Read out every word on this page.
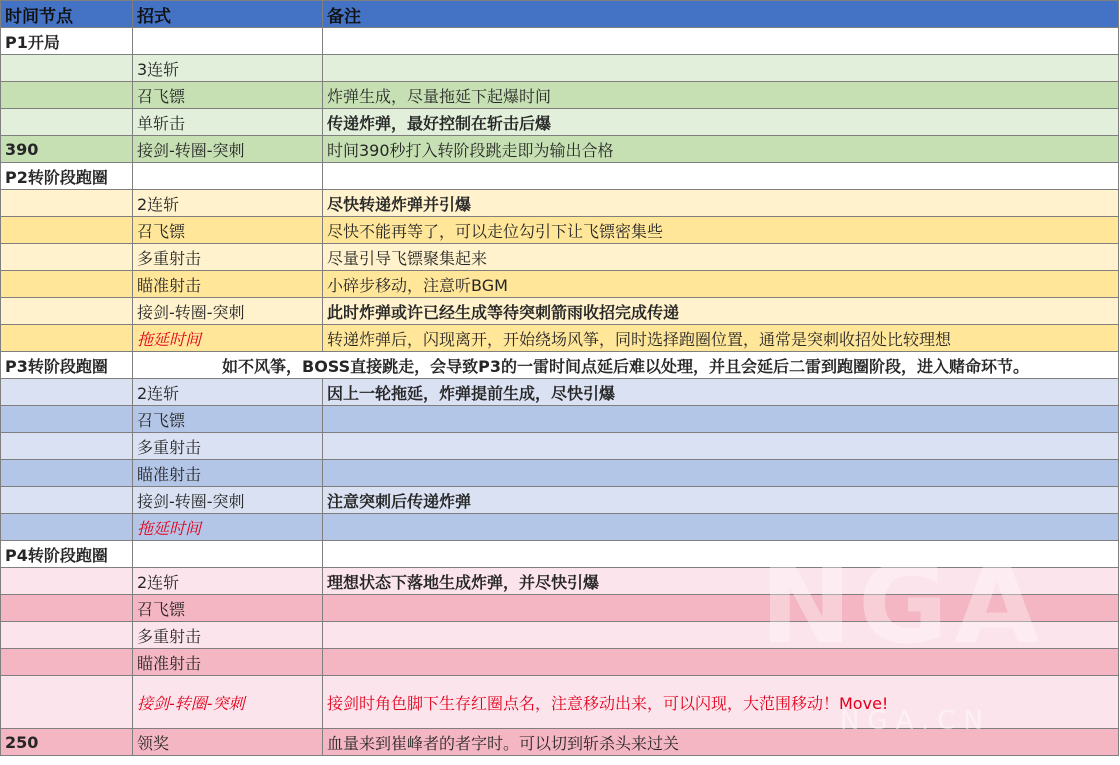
时间节点	招式	备注
P1开局		
	3连斩	
	召飞镖	炸弹生成，尽量拖延下起爆时间
	单斩击	传递炸弹，最好控制在斩击后爆
390	接剑-转圈-突刺	时间390秒打入转阶段跳走即为输出合格
P2转阶段跑圈		
	2连斩	尽快转递炸弹并引爆
	召飞镖	尽快不能再等了，可以走位勾引下让飞镖密集些
	多重射击	尽量引导飞镖聚集起来
	瞄准射击	小碎步移动，注意听BGM
	接剑-转圈-突刺	此时炸弹或许已经生成等待突刺箭雨收招完成传递
	拖延时间	转递炸弹后，闪现离开，开始绕场风筝，同时选择跑圈位置，通常是突刺收招处比较理想
P3转阶段跑圈	如不风筝，BOSS直接跳走，会导致P3的一雷时间点延后难以处理，并且会延后二雷到跑圈阶段，进入赌命环节。	
	2连斩	因上一轮拖延，炸弹提前生成，尽快引爆
	召飞镖	
	多重射击	
	瞄准射击	
	接剑-转圈-突刺	注意突刺后传递炸弹
	拖延时间	
P4转阶段跑圈		
	2连斩	理想状态下落地生成炸弹，并尽快引爆
	召飞镖	
	多重射击	
	瞄准射击	
	接剑-转圈-突刺	接剑时角色脚下生存红圈点名，注意移动出来，可以闪现，大范围移动！Move!
250	领奖	血量来到崔峰者的者字时。可以切到斩杀头来过关
NGA
NGA.CN
